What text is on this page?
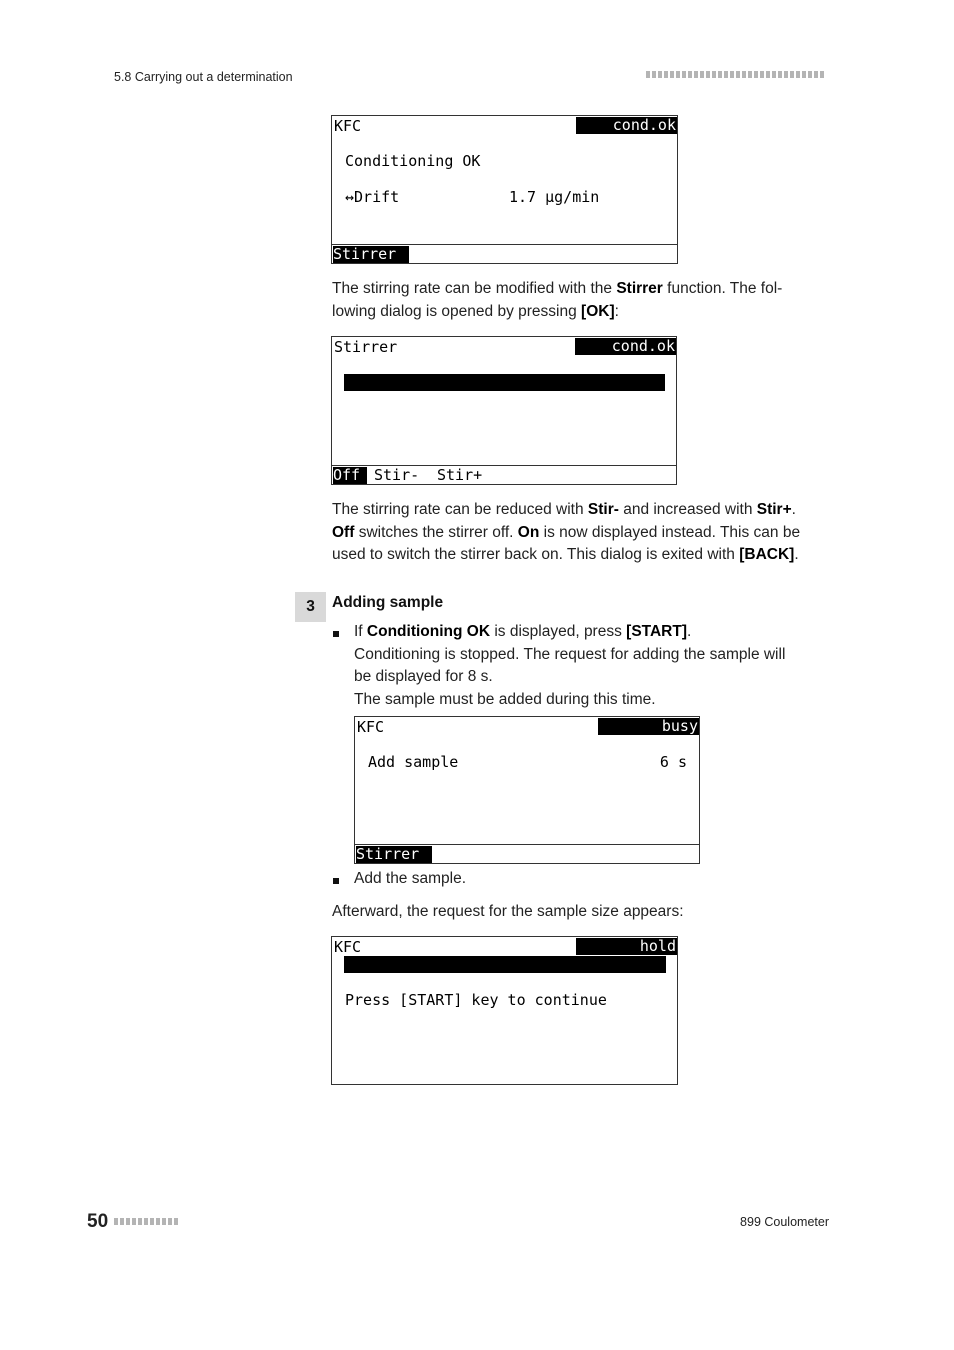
5.8 Carrying out a determination
KFC	cond.ok
Conditioning OK
↔Drift	1.7 µg/min
Stirrer
The stirring rate can be modified with the Stirrer function. The fol-
lowing dialog is opened by pressing [OK]:
Stirrer	cond.ok

Stirrer

on

Rate

8

Off Stir- Stir+
The stirring rate can be reduced with Stir- and increased with Stir+.
Off switches the stirrer off. On is now displayed instead. This can be
used to switch the stirrer back on. This dialog is exited with [BACK].
3	Adding sample
If Conditioning OK is displayed, press [START].
Conditioning is stopped. The request for adding the sample will
be displayed for 8 s.
The sample must be added during this time.
KFC	busy
Add sample	6 s
Stirrer
Add the sample.
Afterward, the request for the sample size appears:
KFC	hold

Sample size

1.0

Press [START] key to continue
50	899 Coulometer
